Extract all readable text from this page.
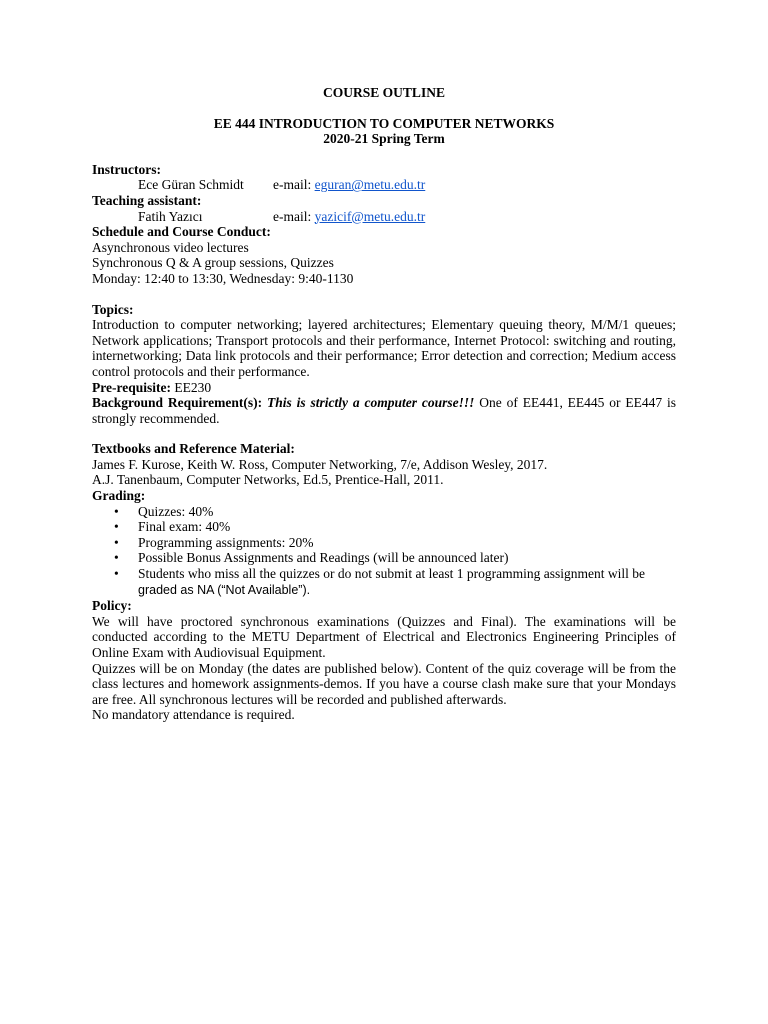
COURSE OUTLINE
EE 444 INTRODUCTION TO COMPUTER NETWORKS
2020-21 Spring Term
Instructors:
Ece Güran Schmidt	e-mail:
eguran@metu.edu.tr
Teaching assistant:
Fatih Yazıcı	e-mail:
yazicif@metu.edu.tr
Schedule and Course Conduct:
Asynchronous video lectures
Synchronous Q & A group sessions, Quizzes
Monday: 12:40 to 13:30, Wednesday: 9:40-1130
Topics:
Introduction to computer networking; layered architectures; Elementary queuing theory, M/M/1 queues; Network applications; Transport protocols and their performance, Internet Protocol: switching and routing, internetworking; Data link protocols and their performance; Error detection and correction; Medium access control protocols and their performance.
Pre-requisite: EE230
Background Requirement(s): This is strictly a computer course!!! One of EE441, EE445 or EE447 is strongly recommended.
Textbooks and Reference Material:
James F. Kurose, Keith W. Ross, Computer Networking, 7/e, Addison Wesley, 2017.
A.J. Tanenbaum, Computer Networks, Ed.5, Prentice-Hall, 2011.
Grading:
• Quizzes: 40%
• Final exam: 40%
• Programming assignments: 20%
• Possible Bonus Assignments and Readings (will be announced later)
• Students who miss all the quizzes or do not submit at least 1 programming assignment will be graded as NA (“Not Available”).
Policy:
We will have proctored synchronous examinations (Quizzes and Final). The examinations will be conducted according to the METU Department of Electrical and Electronics Engineering Principles of Online Exam with Audiovisual Equipment.
Quizzes will be on Monday (the dates are published below). Content of the quiz coverage will be from the class lectures and homework assignments-demos. If you have a course clash make sure that your Mondays are free. All synchronous lectures will be recorded and published afterwards.
No mandatory attendance is required.
